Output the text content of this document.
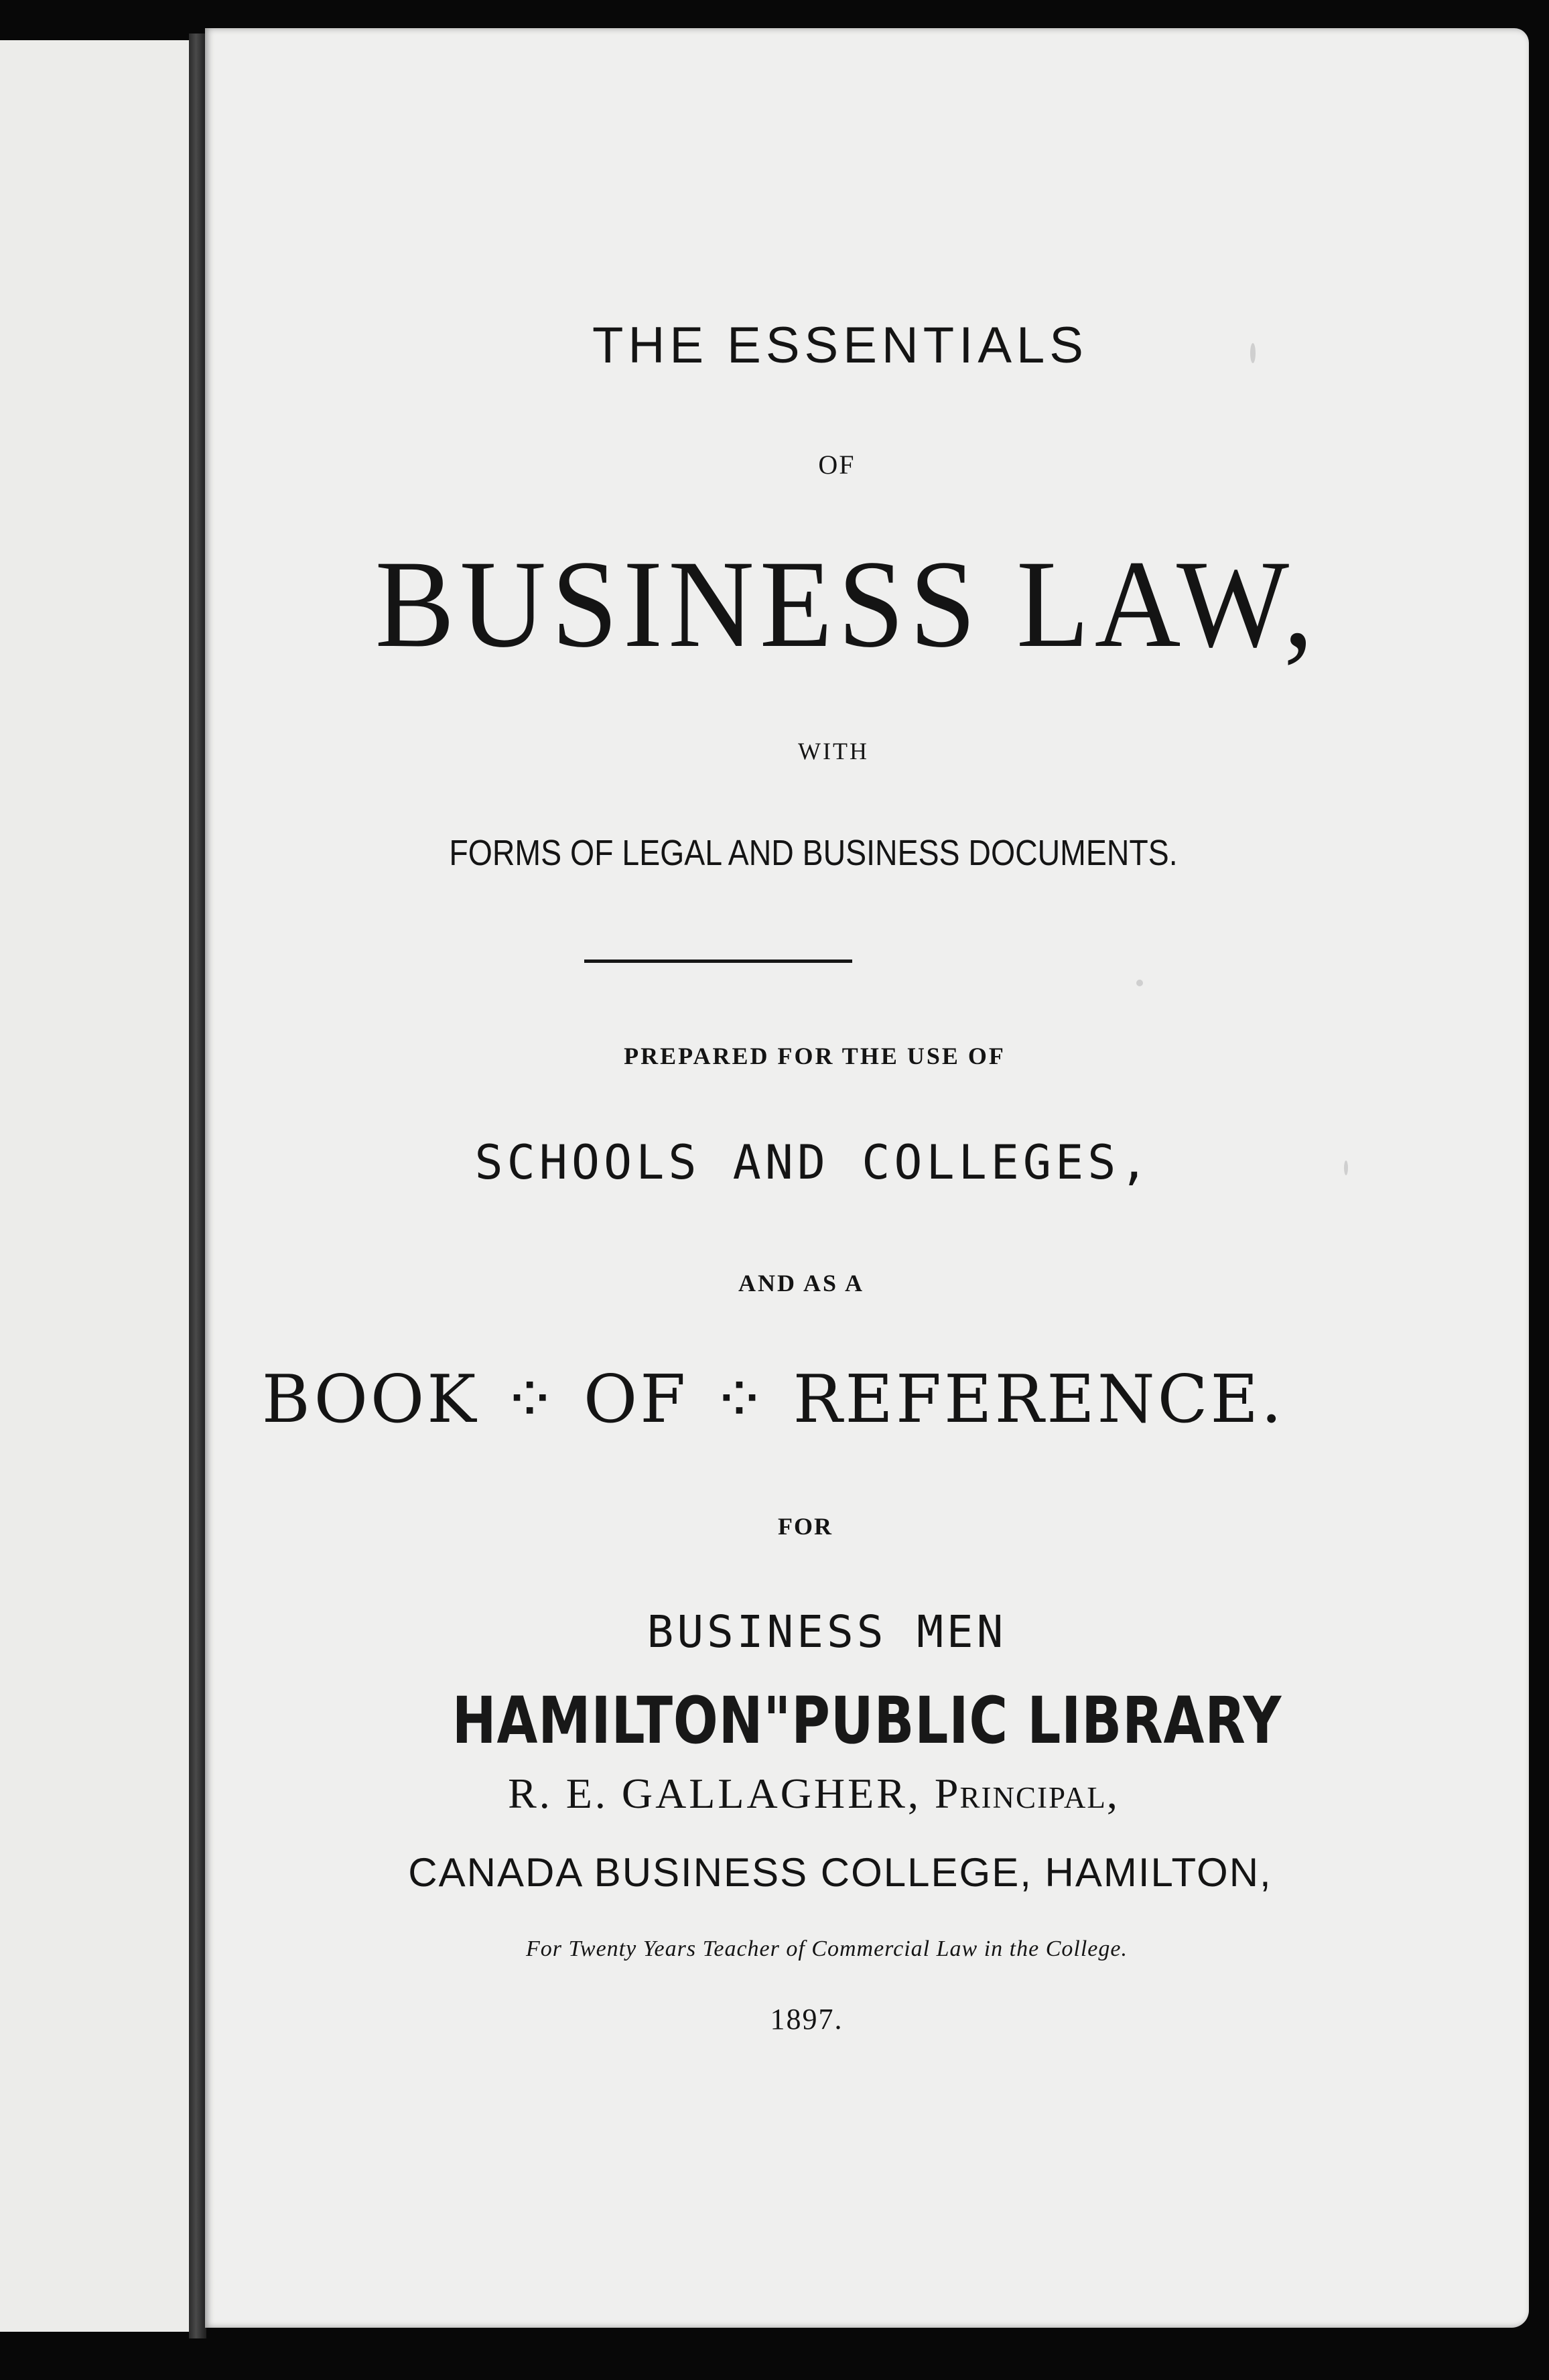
THE ESSENTIALS
OF
BUSINESS LAW,
WITH
FORMS OF LEGAL AND BUSINESS DOCUMENTS.
PREPARED FOR THE USE OF
SCHOOLS AND COLLEGES,
AND AS A
BOOK ⁘ OF ⁘ REFERENCE.
FOR
BUSINESS MEN
HAMILTON"PUBLIC LIBRARY
R. E. GALLAGHER, Principal,
CANADA BUSINESS COLLEGE, HAMILTON,
For Twenty Years Teacher of Commercial Law in the College.
1897.
